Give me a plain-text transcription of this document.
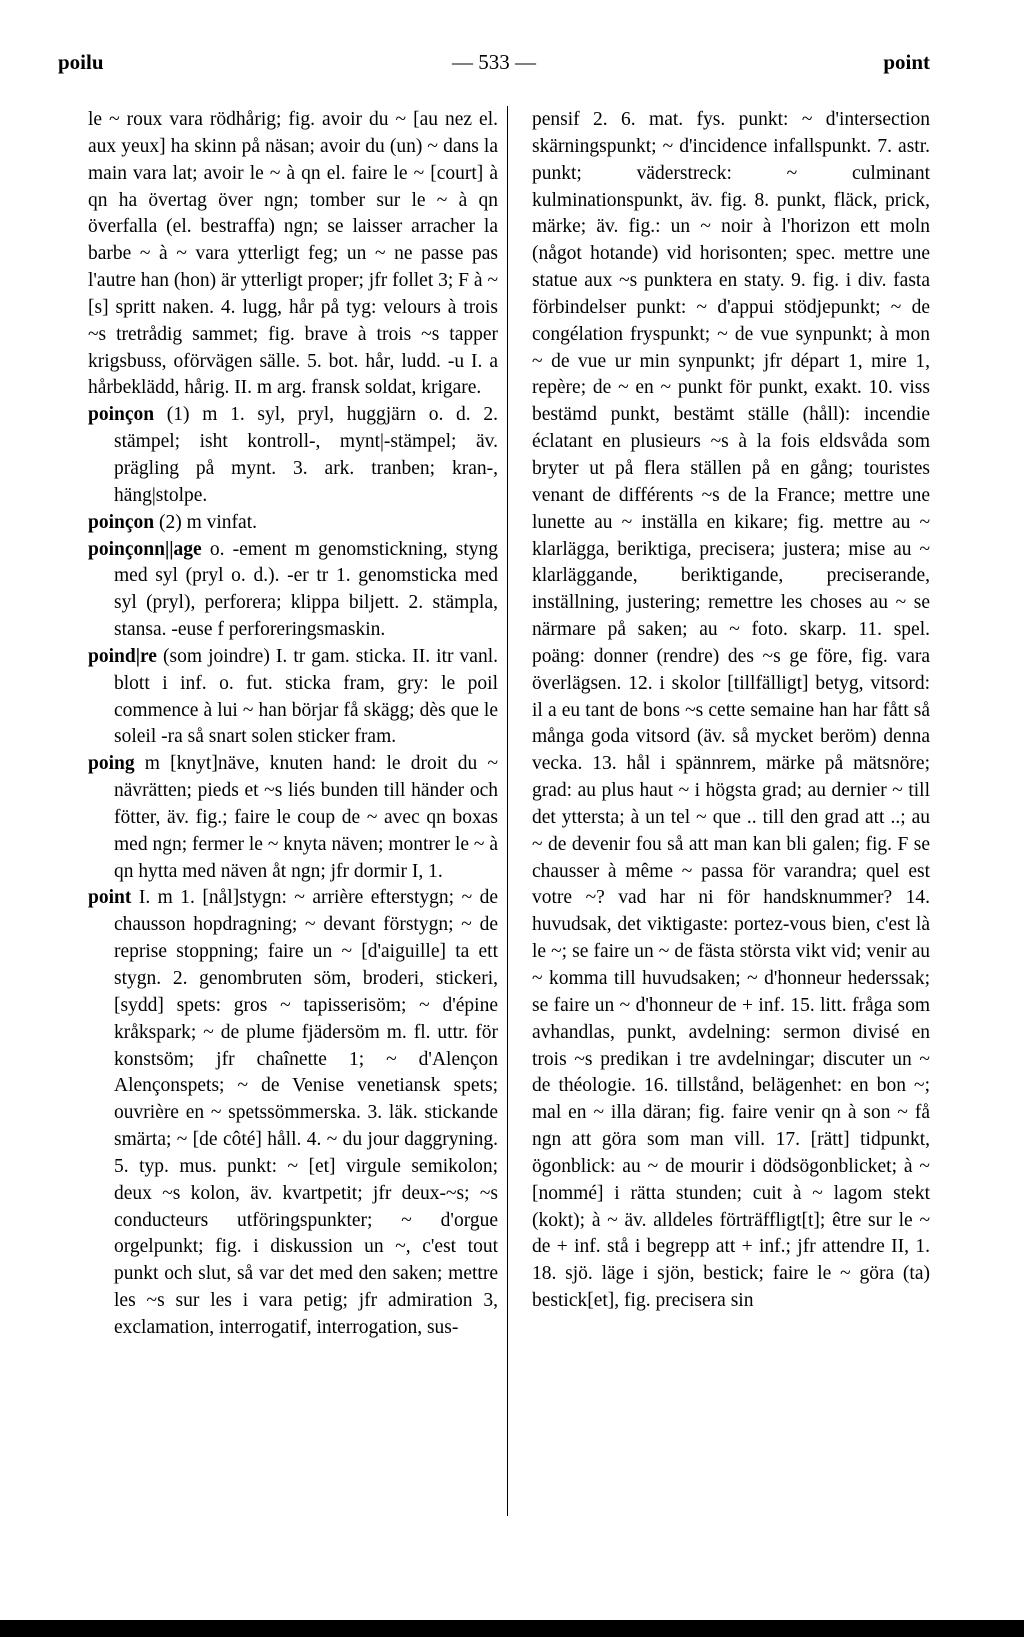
poilu	— 533 —	point

le ~ roux vara rödhårig; fig. avoir du ~ [au nez el. aux yeux] ha skinn på näsan; avoir du (un) ~ dans la main vara lat; avoir le ~ à qn el. faire le ~ [court] à qn ha övertag över ngn; tomber sur le ~ à qn överfalla (el. bestraffa) ngn; se laisser arracher la barbe ~ à ~ vara ytterligt feg; un ~ ne passe pas l'autre han (hon) är ytterligt proper; jfr follet 3; F à ~[s] spritt naken. 4. lugg, hår på tyg: velours à trois ~s tretrådig sammet; fig. brave à trois ~s tapper krigsbuss, oförvägen sälle. 5. bot. hår, ludd. -u I. a hårbeklädd, hårig. II. m arg. fransk soldat, krigare.

poinçon (1) m 1. syl, pryl, huggjärn o. d. 2. stämpel; isht kontroll-, mynt|-stämpel; äv. prägling på mynt. 3. ark. tranben; kran-, häng|stolpe.

poinçon (2) m vinfat.

poinçonn||age o. -ement m genomstickning, styng med syl (pryl o. d.). -er tr 1. genomsticka med syl (pryl), perforera; klippa biljett. 2. stämpla, stansa. -euse f perforeringsmaskin.

poind|re (som joindre) I. tr gam. sticka. II. itr vanl. blott i inf. o. fut. sticka fram, gry: le poil commence à lui ~ han börjar få skägg; dès que le soleil -ra så snart solen sticker fram.

poing m [knyt]näve, knuten hand: le droit du ~ nävrätten; pieds et ~s liés bunden till händer och fötter, äv. fig.; faire le coup de ~ avec qn boxas med ngn; fermer le ~ knyta näven; montrer le ~ à qn hytta med näven åt ngn; jfr dormir I, 1.

point I. m 1. [nål]stygn: ~ arrière efterstygn; ~ de chausson hopdragning; ~ devant förstygn; ~ de reprise stoppning; faire un ~ [d'aiguille] ta ett stygn. 2. genombruten söm, broderi, stickeri, [sydd] spets: gros ~ tapisserisöm; ~ d'épine kråkspark; ~ de plume fjädersöm m. fl. uttr. för konstsöm; jfr chaînette 1; ~ d'Alençon Alençonspets; ~ de Venise venetiansk spets; ouvrière en ~ spetssömmerska. 3. läk. stickande smärta; ~ [de côté] håll. 4. ~ du jour daggryning. 5. typ. mus. punkt: ~ [et] virgule semikolon; deux ~s kolon, äv. kvartpetit; jfr deux-~s; ~s conducteurs utföringspunkter; ~ d'orgue orgelpunkt; fig. i diskussion un ~, c'est tout punkt och slut, så var det med den saken; mettre les ~s sur les i vara petig; jfr admiration 3, exclamation, interrogatif, interrogation, sus-

pensif 2. 6. mat. fys. punkt: ~ d'intersection skärningspunkt; ~ d'incidence infallspunkt. 7. astr. punkt; väderstreck: ~ culminant kulminationspunkt, äv. fig. 8. punkt, fläck, prick, märke; äv. fig.: un ~ noir à l'horizon ett moln (något hotande) vid horisonten; spec. mettre une statue aux ~s punktera en staty. 9. fig. i div. fasta förbindelser punkt: ~ d'appui stödjepunkt; ~ de congélation fryspunkt; ~ de vue synpunkt; à mon ~ de vue ur min synpunkt; jfr départ 1, mire 1, repère; de ~ en ~ punkt för punkt, exakt. 10. viss bestämd punkt, bestämt ställe (håll): incendie éclatant en plusieurs ~s à la fois eldsvåda som bryter ut på flera ställen på en gång; touristes venant de différents ~s de la France; mettre une lunette au ~ inställa en kikare; fig. mettre au ~ klarlägga, beriktiga, precisera; justera; mise au ~ klarläggande, beriktigande, preciserande, inställning, justering; remettre les choses au ~ se närmare på saken; au ~ foto. skarp. 11. spel. poäng: donner (rendre) des ~s ge före, fig. vara överlägsen. 12. i skolor [tillfälligt] betyg, vitsord: il a eu tant de bons ~s cette semaine han har fått så många goda vitsord (äv. så mycket beröm) denna vecka. 13. hål i spännrem, märke på mätsnöre; grad: au plus haut ~ i högsta grad; au dernier ~ till det yttersta; à un tel ~ que .. till den grad att ..; au ~ de devenir fou så att man kan bli galen; fig. F se chausser à même ~ passa för varandra; quel est votre ~? vad har ni för handsknummer? 14. huvudsak, det viktigaste: portez-vous bien, c'est là le ~; se faire un ~ de fästa största vikt vid; venir au ~ komma till huvudsaken; ~ d'honneur hederssak; se faire un ~ d'honneur de + inf. 15. litt. fråga som avhandlas, punkt, avdelning: sermon divisé en trois ~s predikan i tre avdelningar; discuter un ~ de théologie. 16. tillstånd, belägenhet: en bon ~; mal en ~ illa däran; fig. faire venir qn à son ~ få ngn att göra som man vill. 17. [rätt] tidpunkt, ögonblick: au ~ de mourir i dödsögonblicket; à ~ [nommé] i rätta stunden; cuit à ~ lagom stekt (kokt); à ~ äv. alldeles förträffligt[t]; être sur le ~ de + inf. stå i begrepp att + inf.; jfr attendre II, 1. 18. sjö. läge i sjön, bestick; faire le ~ göra (ta) bestick[et], fig. precisera sin
